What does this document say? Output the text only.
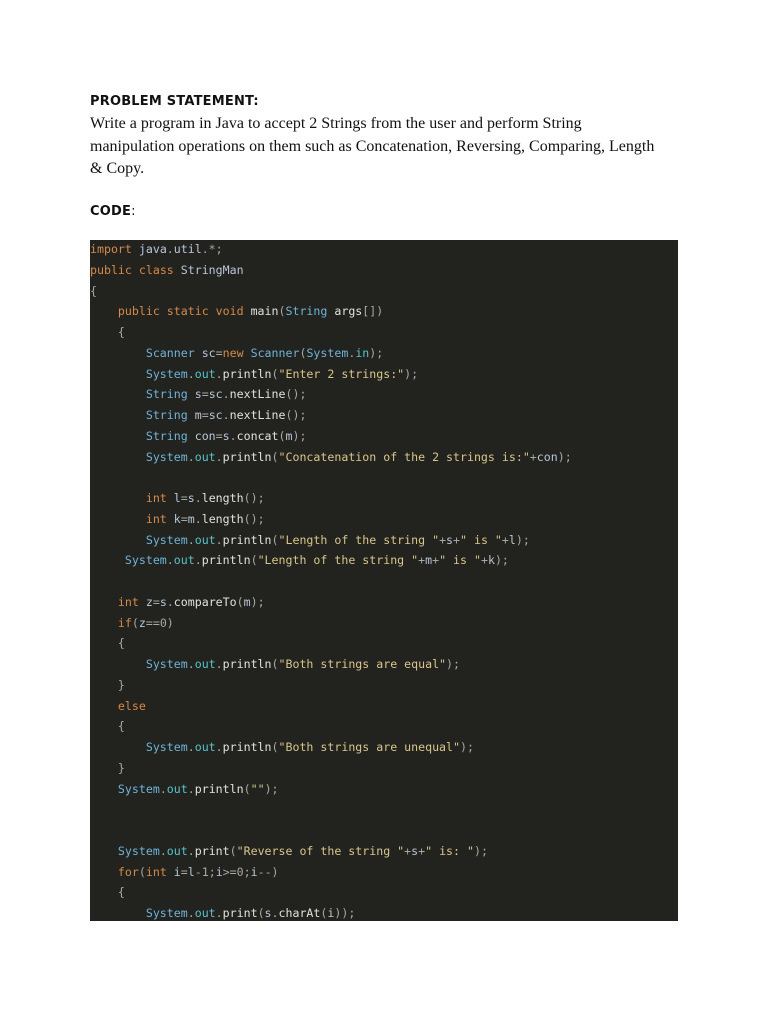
PROBLEM STATEMENT:

Write a program in Java to accept 2 Strings from the user and perform String
manipulation operations on them such as Concatenation, Reversing, Comparing, Length
& Copy.

CODE:
import java.util.*;
public class StringMan
{
public static void main(String args[])
{
Scanner sc=new Scanner(System.in);
System.out.println("Enter 2 strings:");
String s=sc.nextLine();
String m=sc.nextLine();
String con=s.concat(m);
System.out.println("Concatenation of the 2 strings is:"+con);
int l=s.length();
int k=m.length();
System.out.println("Length of the string "+s+" is "+l);
System.out.println("Length of the string "+m+" is "+k);
int z=s.compareTo(m);
if(z==0)
{
System.out.println("Both strings are equal");
}
else
{
System.out.println("Both strings are unequal");
}
System.out.println("");
System.out.print("Reverse of the string "+s+" is: ");
for(int i=l-1;i>=0;i--)
{
System.out.print(s.charAt(i));
